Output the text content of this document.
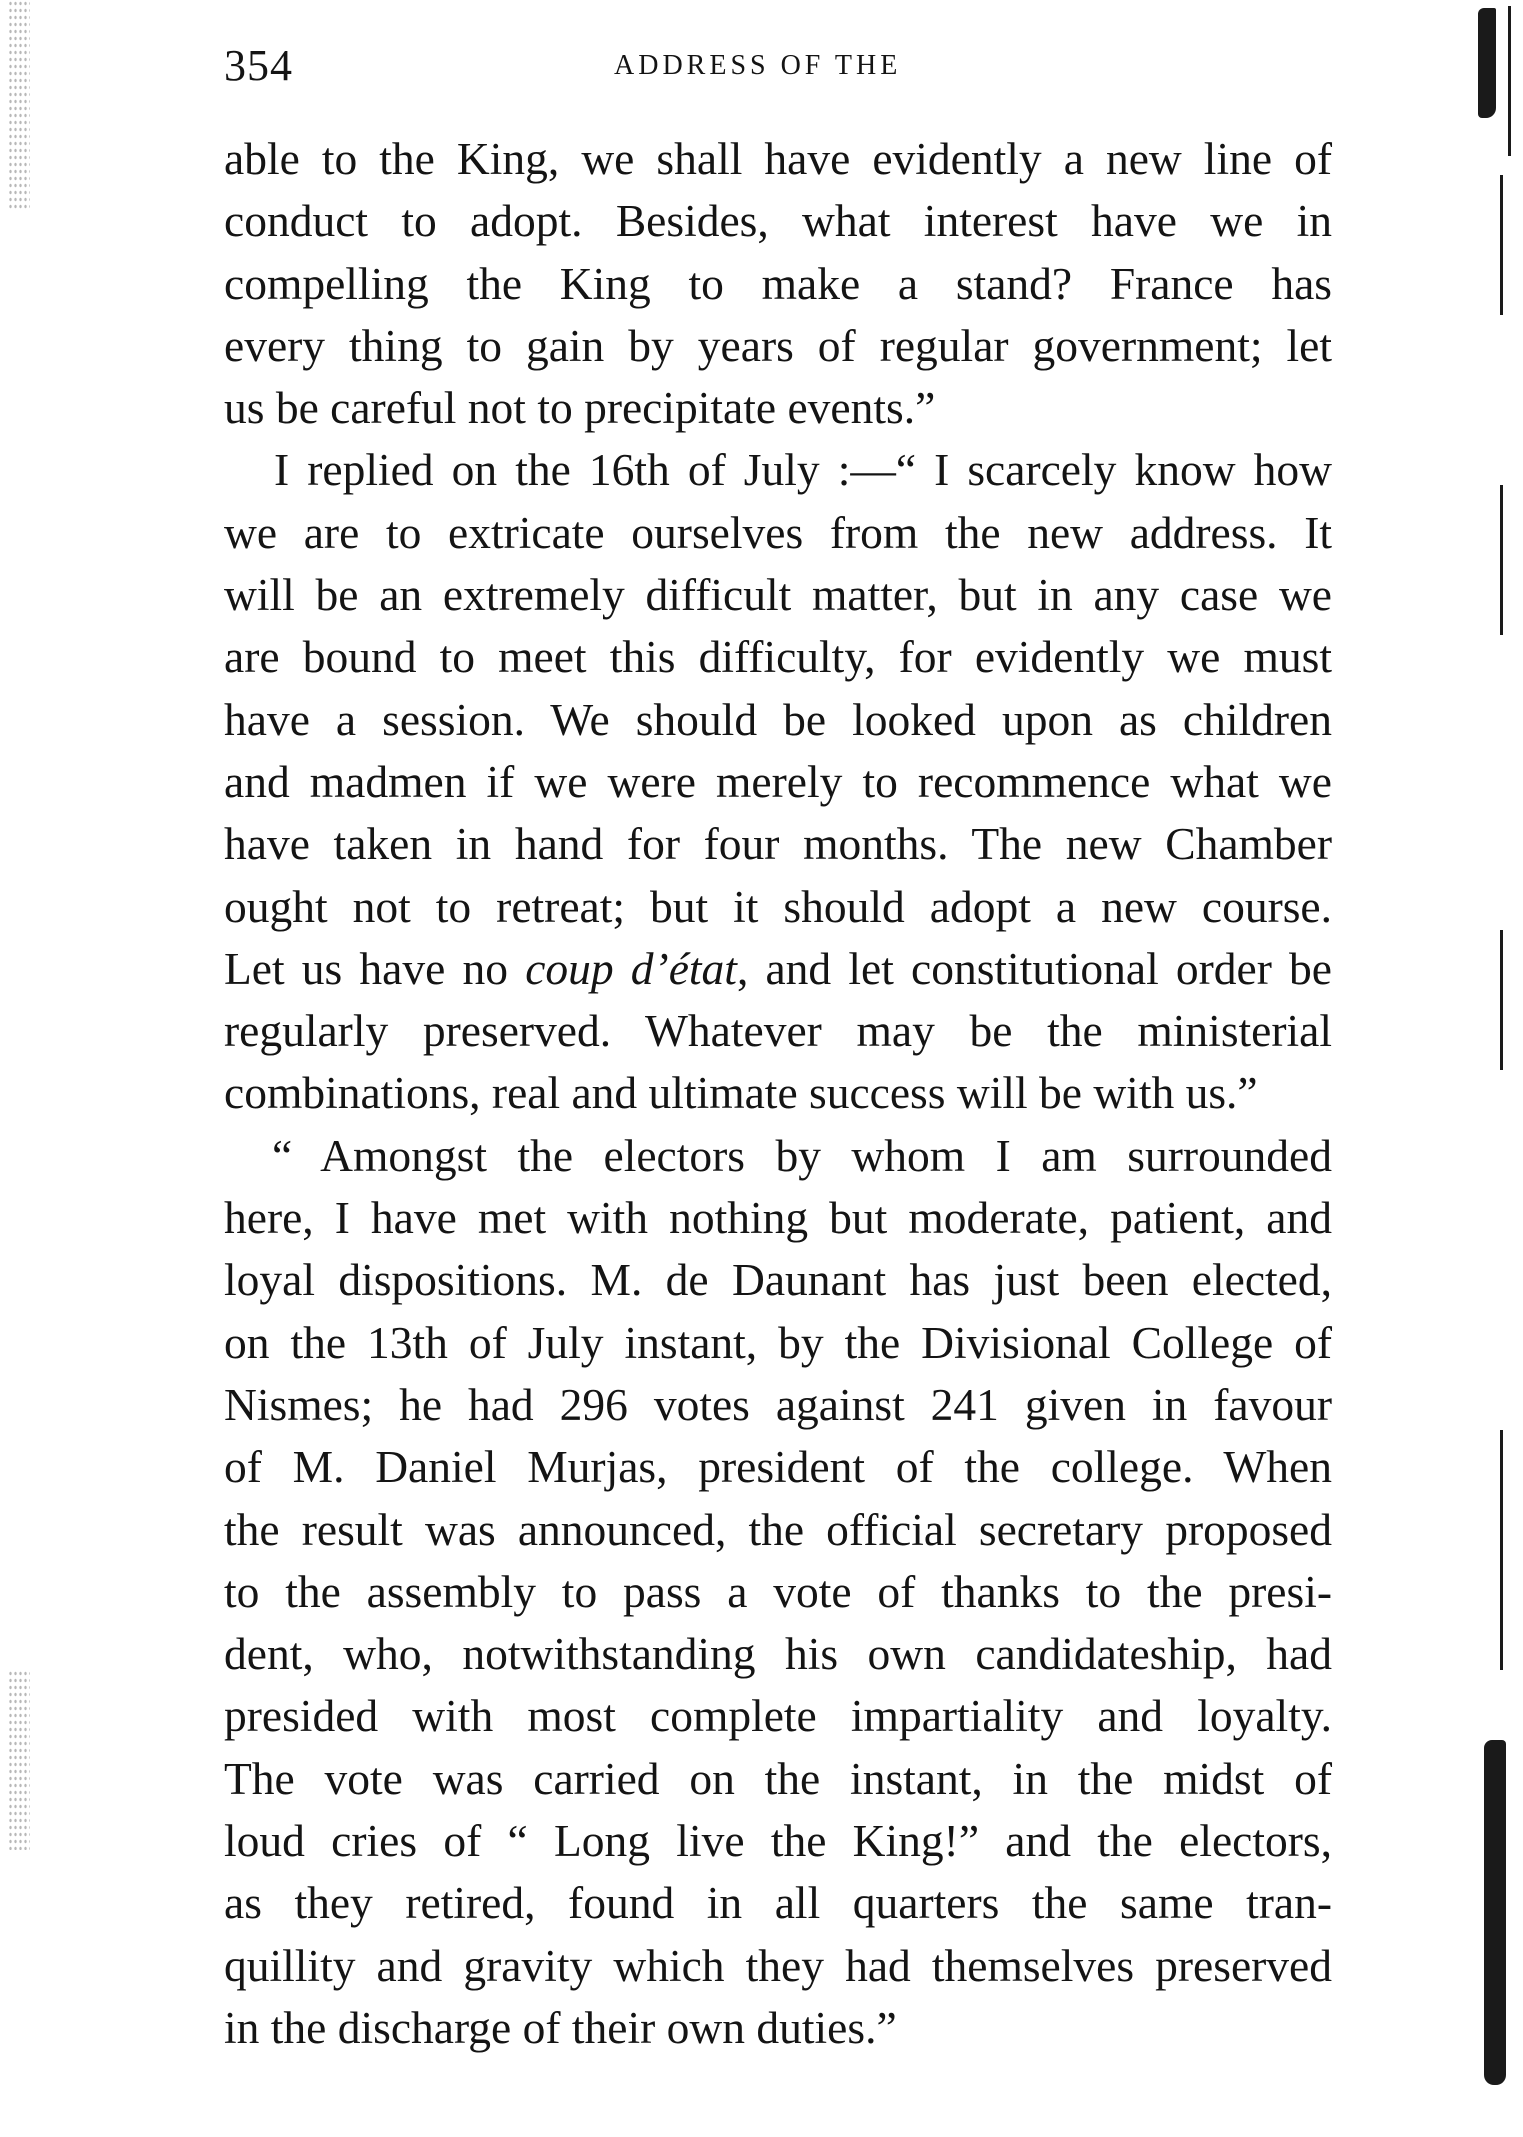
354	ADDRESS OF THE
able to the King, we shall have evidently a new line of
conduct to adopt. Besides, what interest have we in
compelling the King to make a stand? France has
every thing to gain by years of regular government; let
us be careful not to precipitate events.”
I replied on the 16th of July :—“ I scarcely know how
we are to extricate ourselves from the new address. It
will be an extremely difficult matter, but in any case we
are bound to meet this difficulty, for evidently we must
have a session. We should be looked upon as children
and madmen if we were merely to recommence what we
have taken in hand for four months. The new Chamber
ought not to retreat; but it should adopt a new course.
Let us have no coup d’état, and let constitutional order be
regularly preserved. Whatever may be the ministerial
combinations, real and ultimate success will be with us.”
“ Amongst the electors by whom I am surrounded
here, I have met with nothing but moderate, patient, and
loyal dispositions. M. de Daunant has just been elected,
on the 13th of July instant, by the Divisional College of
Nismes; he had 296 votes against 241 given in favour
of M. Daniel Murjas, president of the college. When
the result was announced, the official secretary proposed
to the assembly to pass a vote of thanks to the presi-
dent, who, notwithstanding his own candidateship, had
presided with most complete impartiality and loyalty.
The vote was carried on the instant, in the midst of
loud cries of “ Long live the King!” and the electors,
as they retired, found in all quarters the same tran-
quillity and gravity which they had themselves preserved
in the discharge of their own duties.”
